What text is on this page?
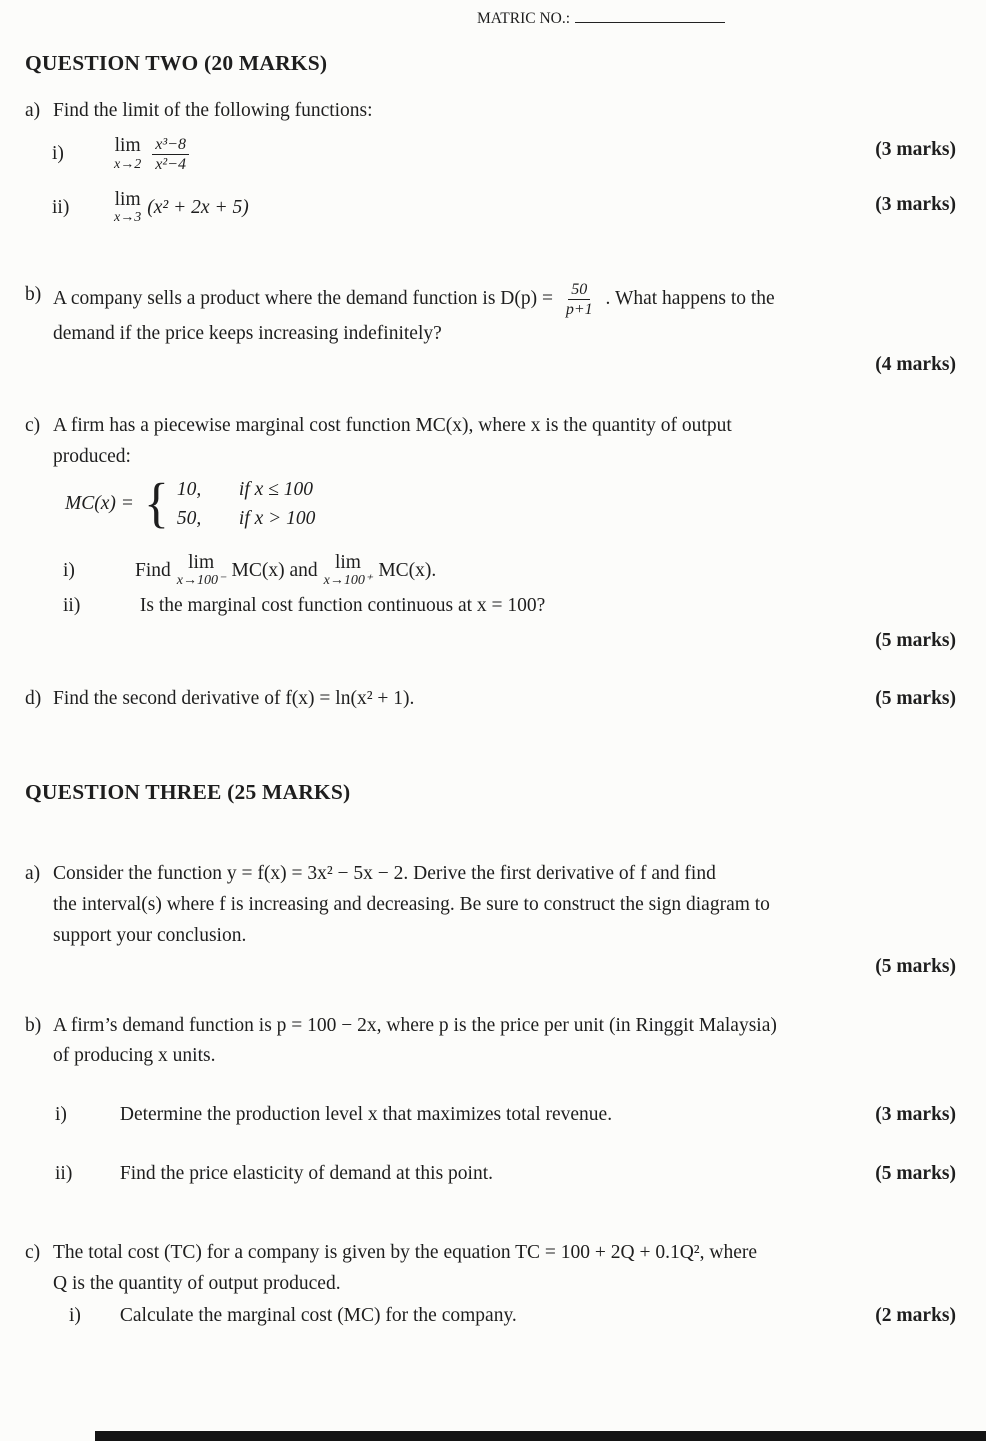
MATRIC NO.:
QUESTION TWO (20 MARKS)
a) Find the limit of the following functions:
i)	lim
$x\to 2 \frac{\text{x³−8}}{\text{x²−4}}$	(3 marks)
ii)	lim
x→3 (x² + 2x + 5)	(3 marks)
b) A company sells a product where the demand function is $D(p) = \frac{50}{p+1}$ . What happens to the
demand if the price keeps increasing indefinitely?
(4 marks)
c) A firm has a piecewise marginal cost function MC(x), where x is the quantity of output
produced:
MC(x) = { 10,	if x ≤ 100
50,	if x > 100
i)	Find lim
x→100⁻ MC(x) and lim
x→100⁺ MC(x).
ii)	Is the marginal cost function continuous at x = 100?
(5 marks)
d) Find the second derivative of f(x) = ln(x² + 1).	(5 marks)
QUESTION THREE (25 MARKS)
a) Consider the function y = f(x) = 3x² − 5x − 2. Derive the first derivative of f and find
the interval(s) where f is increasing and decreasing. Be sure to construct the sign diagram to
support your conclusion.
(5 marks)
b) A firm’s demand function is p = 100 − 2x, where p is the price per unit (in Ringgit Malaysia)
of producing x units.
i)	Determine the production level x that maximizes total revenue.	(3 marks)
ii) Find the price elasticity of demand at this point.	(5 marks)
c) The total cost (TC) for a company is given by the equation TC = 100 + 2Q + 0.1Q², where
Q is the quantity of output produced.
i) Calculate the marginal cost (MC) for the company.	(2 marks)
